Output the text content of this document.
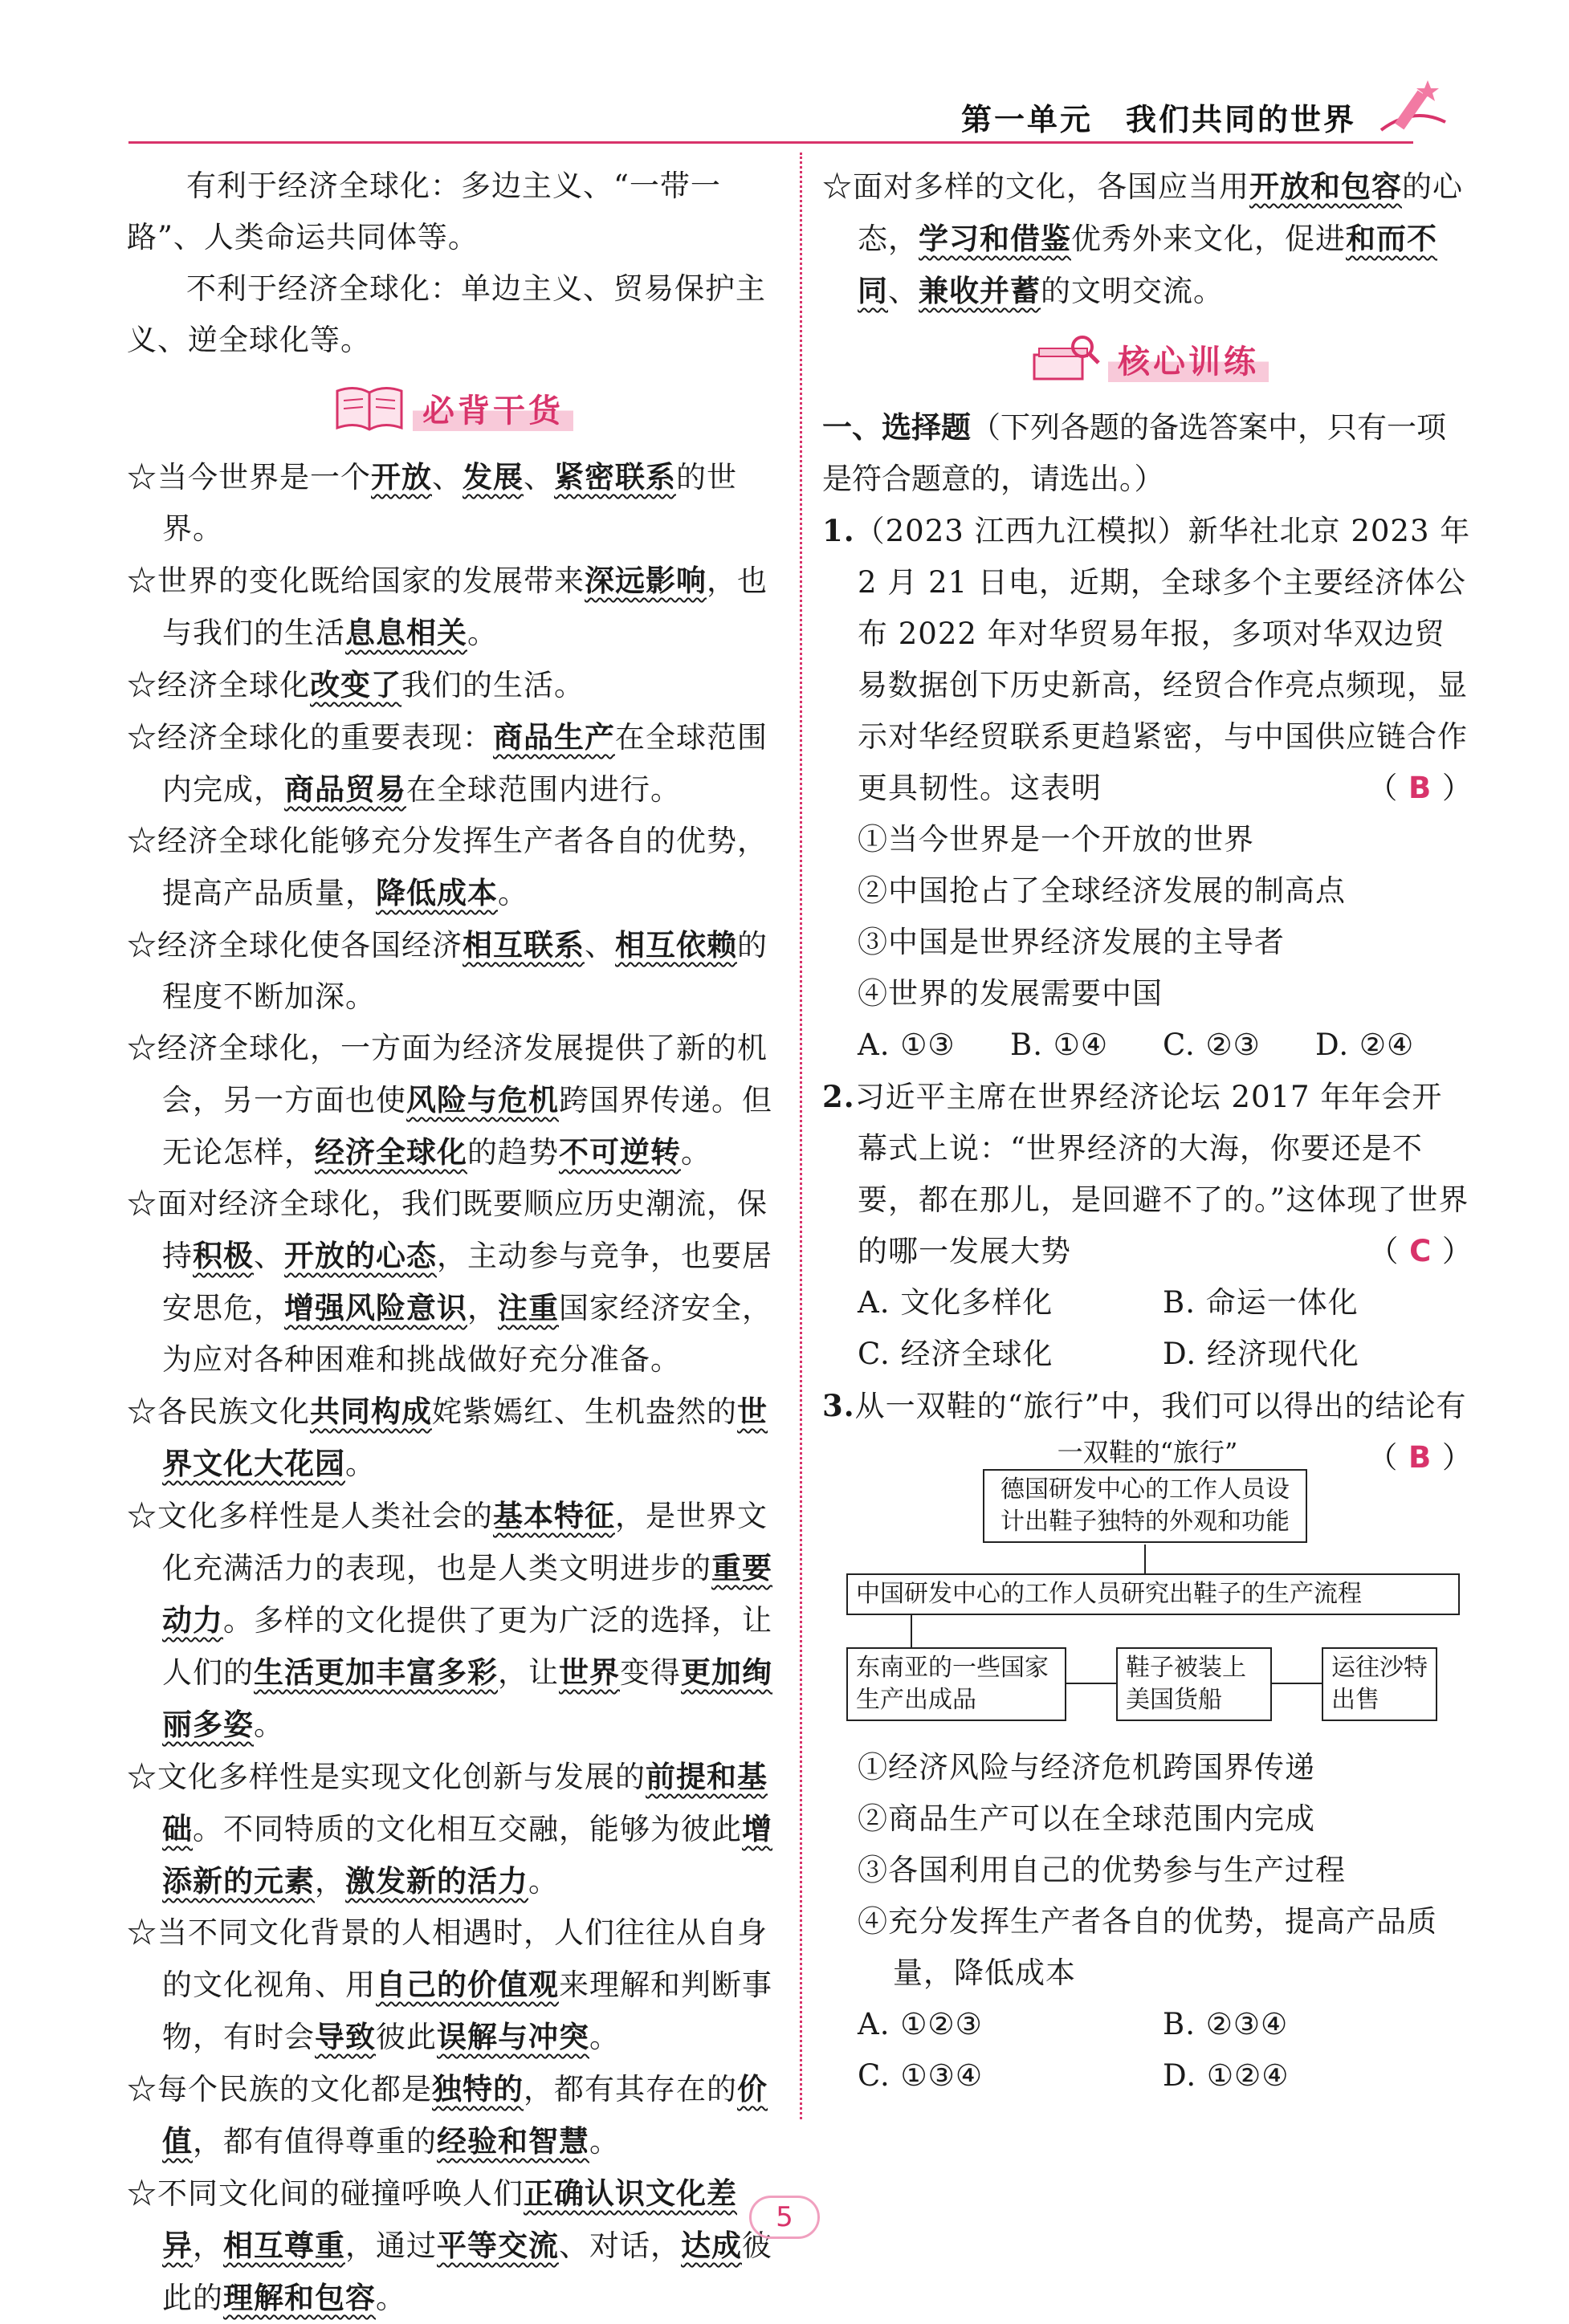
第一单元　我们共同的世界

有利于经济全球化：多边主义、“一带一路”、人类命运共同体等。

不利于经济全球化：单边主义、贸易保护主义、逆全球化等。

必背干货

☆当今世界是一个开放、发展、紧密联系的世界。

☆世界的变化既给国家的发展带来深远影响，也与我们的生活息息相关。

☆经济全球化改变了我们的生活。

☆经济全球化的重要表现：商品生产在全球范围内完成，商品贸易在全球范围内进行。

☆经济全球化能够充分发挥生产者各自的优势，提高产品质量，降低成本。

☆经济全球化使各国经济相互联系、相互依赖的程度不断加深。

☆经济全球化，一方面为经济发展提供了新的机会，另一方面也使风险与危机跨国界传递。但无论怎样，经济全球化的趋势不可逆转。

☆面对经济全球化，我们既要顺应历史潮流，保持积极、开放的心态，主动参与竞争，也要居安思危，增强风险意识，注重国家经济安全，为应对各种困难和挑战做好充分准备。

☆各民族文化共同构成姹紫嫣红、生机盎然的世界文化大花园。

☆文化多样性是人类社会的基本特征，是世界文化充满活力的表现，也是人类文明进步的重要动力。多样的文化提供了更为广泛的选择，让人们的生活更加丰富多彩，让世界变得更加绚丽多姿。

☆文化多样性是实现文化创新与发展的前提和基础。不同特质的文化相互交融，能够为彼此增添新的元素，激发新的活力。

☆当不同文化背景的人相遇时，人们往往从自身的文化视角、用自己的价值观来理解和判断事物，有时会导致彼此误解与冲突。

☆每个民族的文化都是独特的，都有其存在的价值，都有值得尊重的经验和智慧。

☆不同文化间的碰撞呼唤人们正确认识文化差异，相互尊重，通过平等交流、对话，达成彼此的理解和包容。

☆面对多样的文化，各国应当用开放和包容的心态，学习和借鉴优秀外来文化，促进和而不同、兼收并蓄的文明交流。

核心训练

一、选择题（下列各题的备选答案中，只有一项是符合题意的，请选出。）

1.（2023 江西九江模拟）新华社北京 2023 年 2 月 21 日电，近期，全球多个主要经济体公布 2022 年对华贸易年报，多项对华双边贸易数据创下历史新高，经贸合作亮点频现，显示对华经贸联系更趋紧密，与中国供应链合作更具韧性。这表明	（ B ）

①当今世界是一个开放的世界

②中国抢占了全球经济发展的制高点

③中国是世界经济发展的主导者

④世界的发展需要中国

A. ①③	B. ①④	C. ②③	D. ②④

2.习近平主席在世界经济论坛 2017 年年会开幕式上说：“世界经济的大海，你要还是不要，都在那儿，是回避不了的。”这体现了世界的哪一发展大势	（ C ）

A. 文化多样化	B. 命运一体化
C. 经济全球化	D. 经济现代化

3.从一双鞋的“旅行”中，我们可以得出的结论有
（ B ）

一双鞋的“旅行”
德国研发中心的工作人员设计出鞋子独特的外观和功能
中国研发中心的工作人员研究出鞋子的生产流程
东南亚的一些国家生产出成品
鞋子被装上美国货船
运往沙特出售

①经济风险与经济危机跨国界传递

②商品生产可以在全球范围内完成

③各国利用自己的优势参与生产过程

④充分发挥生产者各自的优势，提高产品质量，降低成本

A. ①②③	B. ②③④
C. ①③④	D. ①②④
5
